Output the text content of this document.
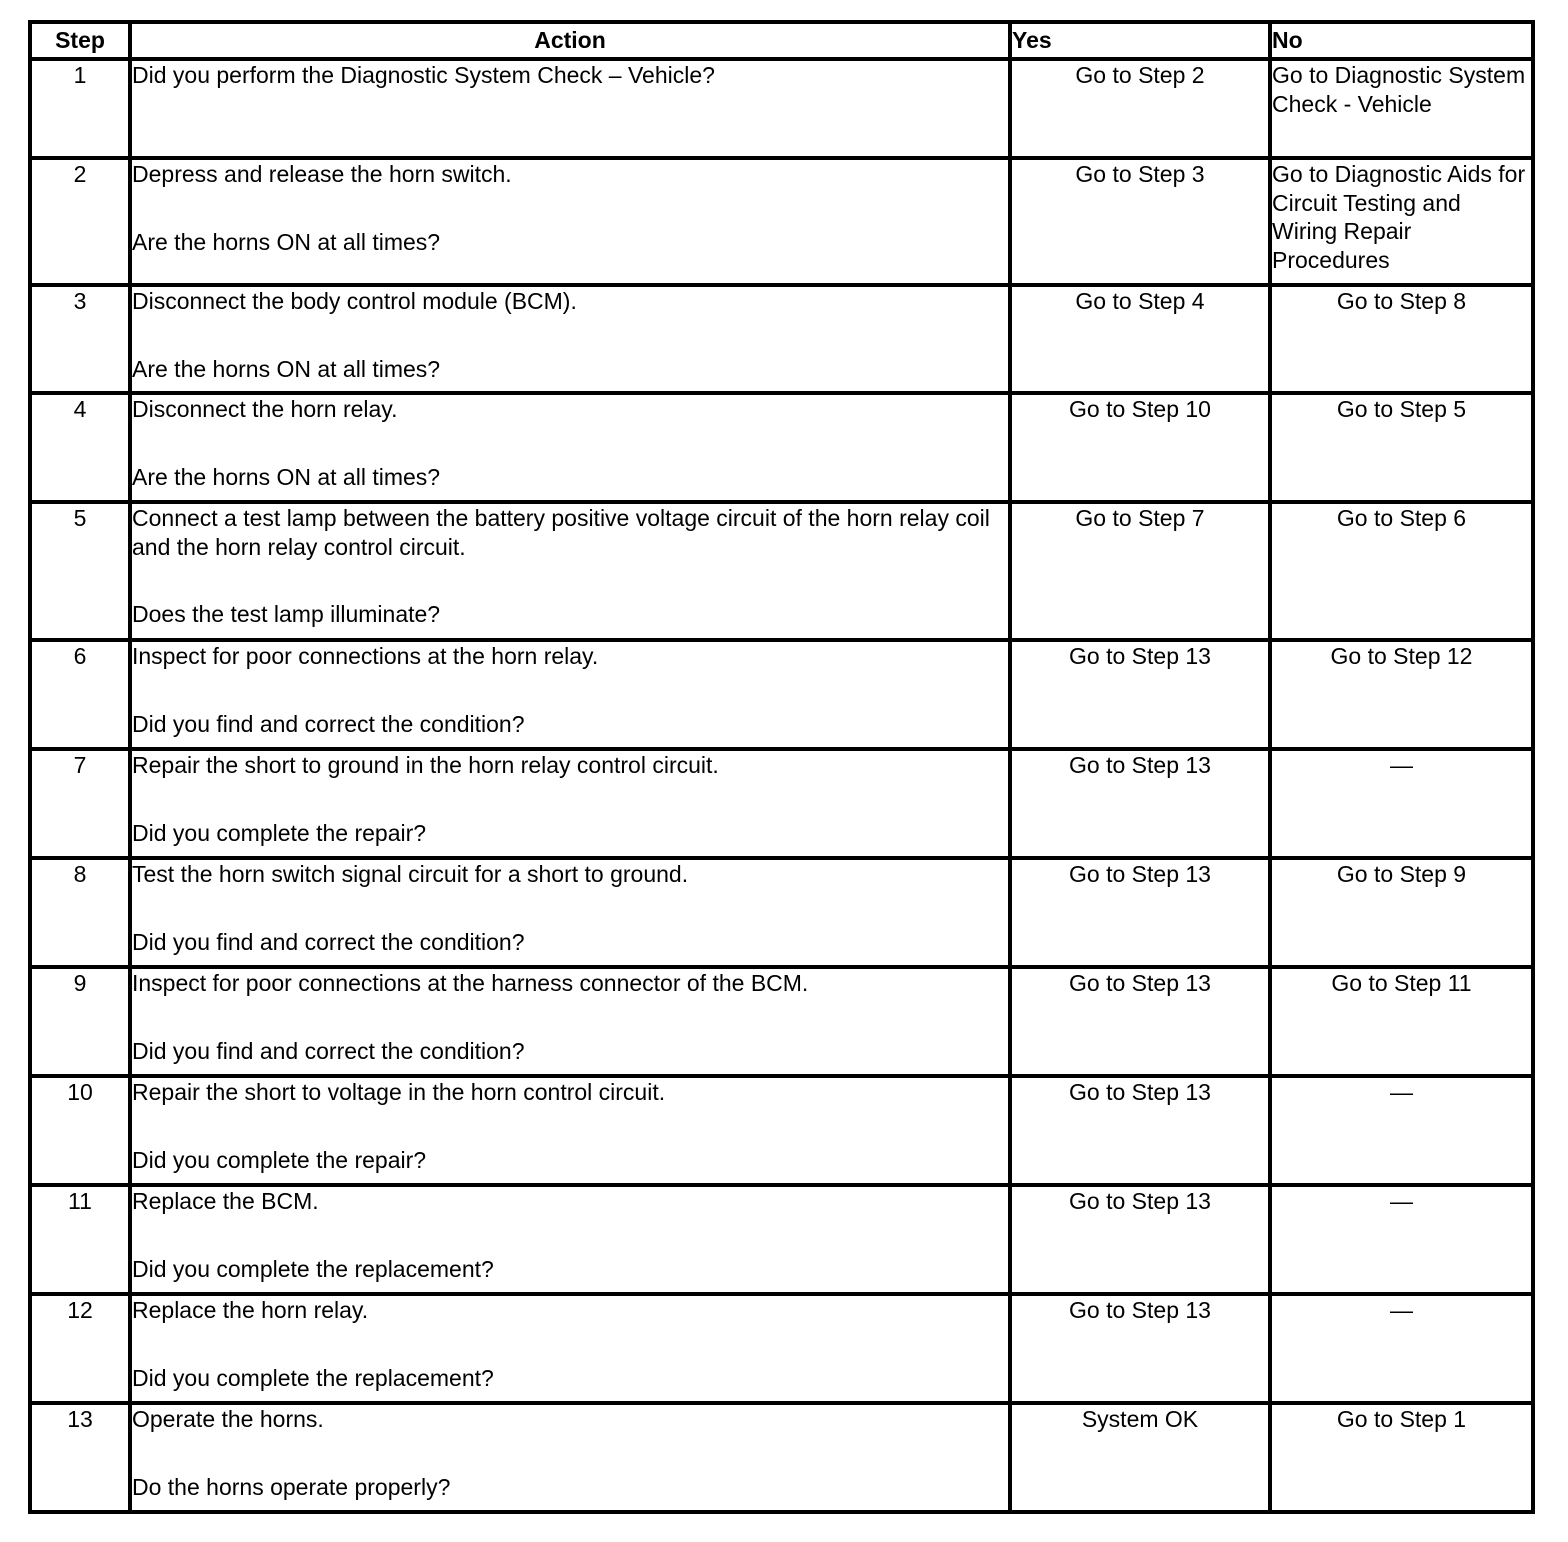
Step	Action	Yes	No
1	Did you perform the Diagnostic System Check – Vehicle?	Go to Step 2	Go to Diagnostic System Check - Vehicle
2	Depress and release the horn switch.
Are the horns ON at all times?	Go to Step 3	Go to Diagnostic Aids for Circuit Testing and Wiring Repair Procedures
3	Disconnect the body control module (BCM).
Are the horns ON at all times?	Go to Step 4	Go to Step 8
4	Disconnect the horn relay.
Are the horns ON at all times?	Go to Step 10	Go to Step 5
5	Connect a test lamp between the battery positive voltage circuit of the horn relay coil and the horn relay control circuit.
Does the test lamp illuminate?	Go to Step 7	Go to Step 6
6	Inspect for poor connections at the horn relay.
Did you find and correct the condition?	Go to Step 13	Go to Step 12
7	Repair the short to ground in the horn relay control circuit.
Did you complete the repair?	Go to Step 13	—
8	Test the horn switch signal circuit for a short to ground.
Did you find and correct the condition?	Go to Step 13	Go to Step 9
9	Inspect for poor connections at the harness connector of the BCM.
Did you find and correct the condition?	Go to Step 13	Go to Step 11
10	Repair the short to voltage in the horn control circuit.
Did you complete the repair?	Go to Step 13	—
11	Replace the BCM.
Did you complete the replacement?	Go to Step 13	—
12	Replace the horn relay.
Did you complete the replacement?	Go to Step 13	—
13	Operate the horns.
Do the horns operate properly?	System OK	Go to Step 1
